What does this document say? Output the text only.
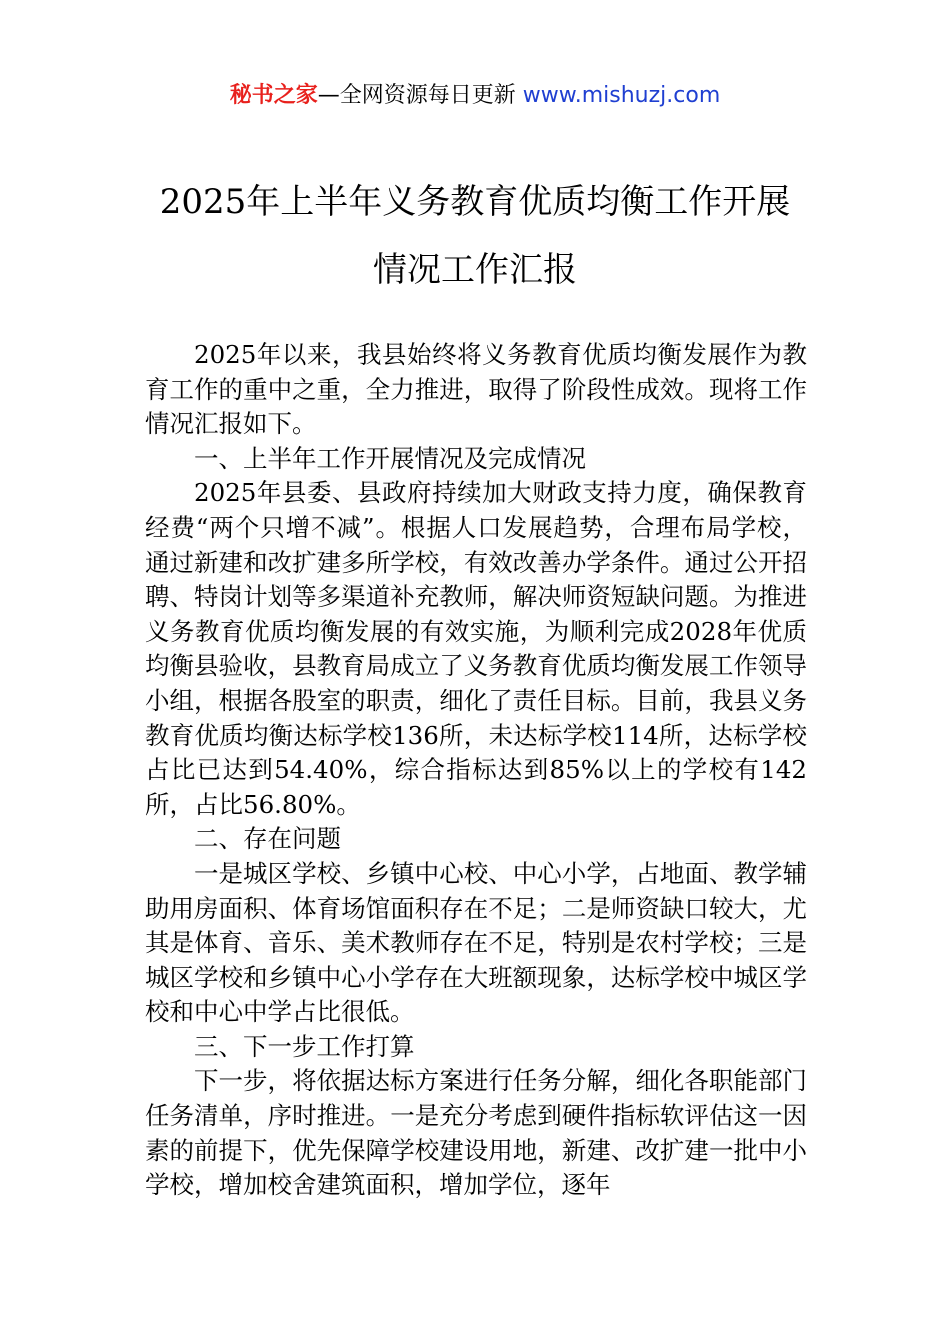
秘书之家—全网资源每日更新 www.mishuzj.com
2025年上半年义务教育优质均衡工作开展
情况工作汇报

2025年以来，我县始终将义务教育优质均衡发展作为教育工作的重中之重，全力推进，取得了阶段性成效。现将工作情况汇报如下。

一、上半年工作开展情况及完成情况

2025年县委、县政府持续加大财政支持力度，确保教育经费“两个只增不减”。根据人口发展趋势，合理布局学校，通过新建和改扩建多所学校，有效改善办学条件。通过公开招聘、特岗计划等多渠道补充教师，解决师资短缺问题。为推进义务教育优质均衡发展的有效实施，为顺利完成2028年优质均衡县验收，县教育局成立了义务教育优质均衡发展工作领导小组，根据各股室的职责，细化了责任目标。目前，我县义务教育优质均衡达标学校136所，未达标学校114所，达标学校占比已达到54.40%，综合指标达到85%以上的学校有142所，占比56.80%。

二、存在问题

一是城区学校、乡镇中心校、中心小学，占地面、教学辅助用房面积、体育场馆面积存在不足；二是师资缺口较大，尤其是体育、音乐、美术教师存在不足，特别是农村学校；三是城区学校和乡镇中心小学存在大班额现象，达标学校中城区学校和中心中学占比很低。

三、下一步工作打算

下一步，将依据达标方案进行任务分解，细化各职能部门任务清单，序时推进。一是充分考虑到硬件指标软评估这一因素的前提下，优先保障学校建设用地，新建、改扩建一批中小学校，增加校舍建筑面积，增加学位，逐年
